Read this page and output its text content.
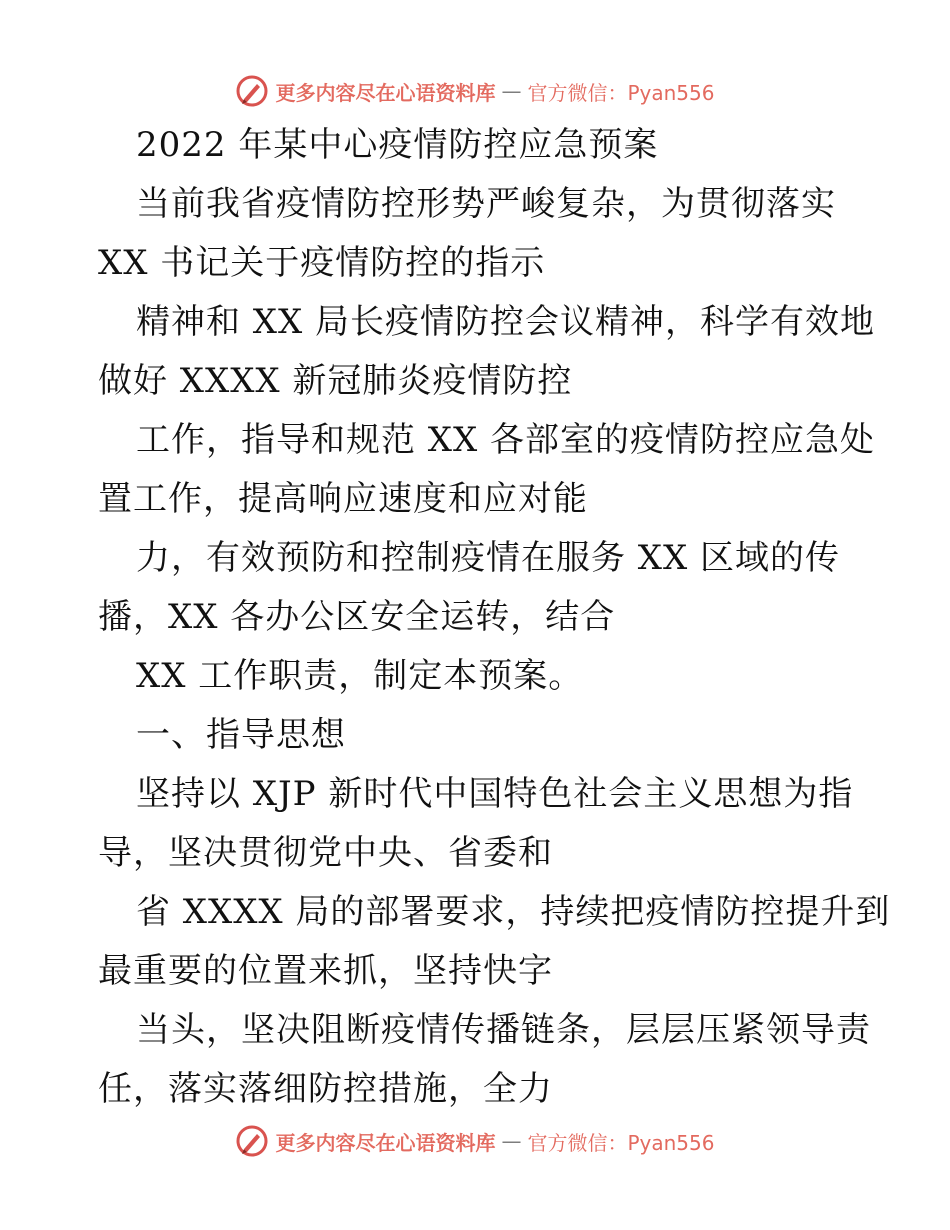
更多内容尽在心语资料库 — 官方微信：Pyan556
2022 年某中心疫情防控应急预案
当前我省疫情防控形势严峻复杂，为贯彻落实
XX 书记关于疫情防控的指示
精神和 XX 局长疫情防控会议精神，科学有效地
做好 XXXX 新冠肺炎疫情防控
工作，指导和规范 XX 各部室的疫情防控应急处
置工作，提高响应速度和应对能
力，有效预防和控制疫情在服务 XX 区域的传
播，XX 各办公区安全运转，结合
XX 工作职责，制定本预案。
一、指导思想
坚持以 XJP 新时代中国特色社会主义思想为指
导，坚决贯彻党中央、省委和
省 XXXX 局的部署要求，持续把疫情防控提升到
最重要的位置来抓，坚持快字
当头，坚决阻断疫情传播链条，层层压紧领导责
任，落实落细防控措施，全力
更多内容尽在心语资料库 — 官方微信：Pyan556
